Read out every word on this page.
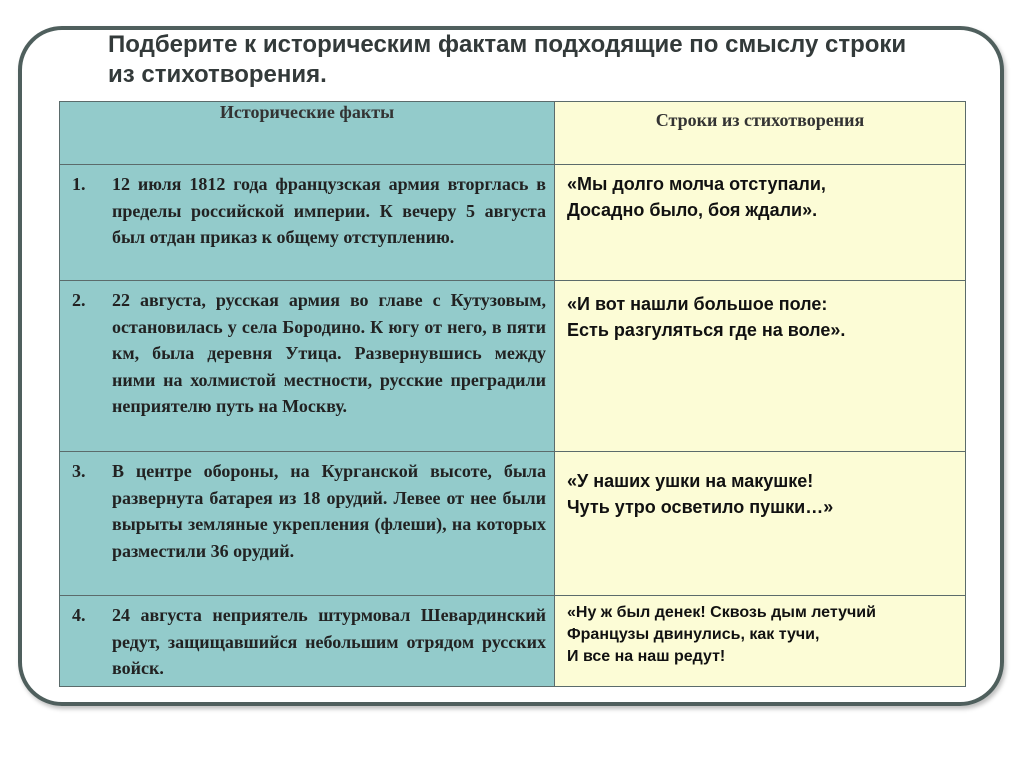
Подберите к историческим фактам подходящие по смыслу строки из стихотворения.
Исторические факты	Строки из стихотворения
1. 12 июля 1812 года французская армия вторглась в пределы российской империи. К вечеру 5 августа был отдан приказ к общему отступлению.	«Мы долго молча отступали,
Досадно было, боя ждали».

2. 22 августа, русская армия во главе с Кутузовым, остановилась у села Бородино. К югу от него, в пяти км, была деревня Утица. Развернувшись между ними на холмистой местности, русские преградили неприятелю путь на Москву.	«И вот нашли большое поле:
Есть разгуляться где на воле».

3. В центре обороны, на Курганской высоте, была развернута батарея из 18 орудий. Левее от нее были вырыты земляные укрепления (флеши), на которых разместили 36 орудий.	«У наших ушки на макушке!
Чуть утро осветило пушки…»

4. 24 августа неприятель штурмовал Шевардинский редут, защищавшийся небольшим отрядом русских войск.	«Ну ж был денек! Сквозь дым летучий
Французы двинулись, как тучи,
И все на наш редут!
